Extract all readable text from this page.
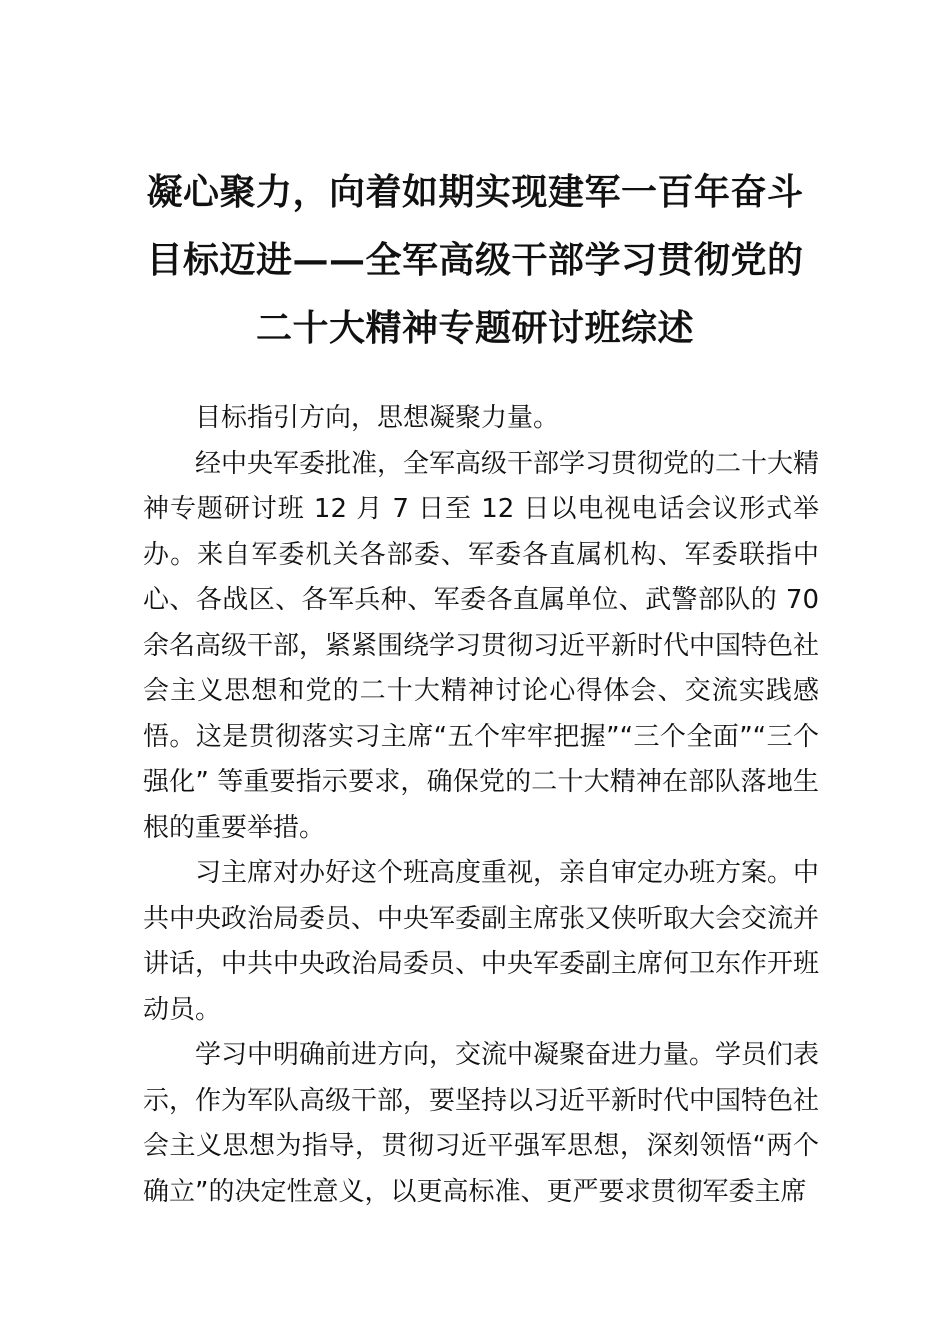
凝心聚力，向着如期实现建军一百年奋斗
目标迈进——全军高级干部学习贯彻党的
二十大精神专题研讨班综述

目标指引方向，思想凝聚力量。

经中央军委批准，全军高级干部学习贯彻党的二十大精神专题研讨班 12 月 7 日至 12 日以电视电话会议形式举办。来自军委机关各部委、军委各直属机构、军委联指中心、各战区、各军兵种、军委各直属单位、武警部队的 70 余名高级干部，紧紧围绕学习贯彻习近平新时代中国特色社会主义思想和党的二十大精神讨论心得体会、交流实践感悟。这是贯彻落实习主席“五个牢牢把握”“三个全面”“三个强化” 等重要指示要求，确保党的二十大精神在部队落地生根的重要举措。

习主席对办好这个班高度重视，亲自审定办班方案。中共中央政治局委员、中央军委副主席张又侠听取大会交流并讲话，中共中央政治局委员、中央军委副主席何卫东作开班动员。

学习中明确前进方向，交流中凝聚奋进力量。学员们表示，作为军队高级干部，要坚持以习近平新时代中国特色社会主义思想为指导，贯彻习近平强军思想，深刻领悟“两个确立”的决定性意义，以更高标准、更严要求贯彻军委主席
